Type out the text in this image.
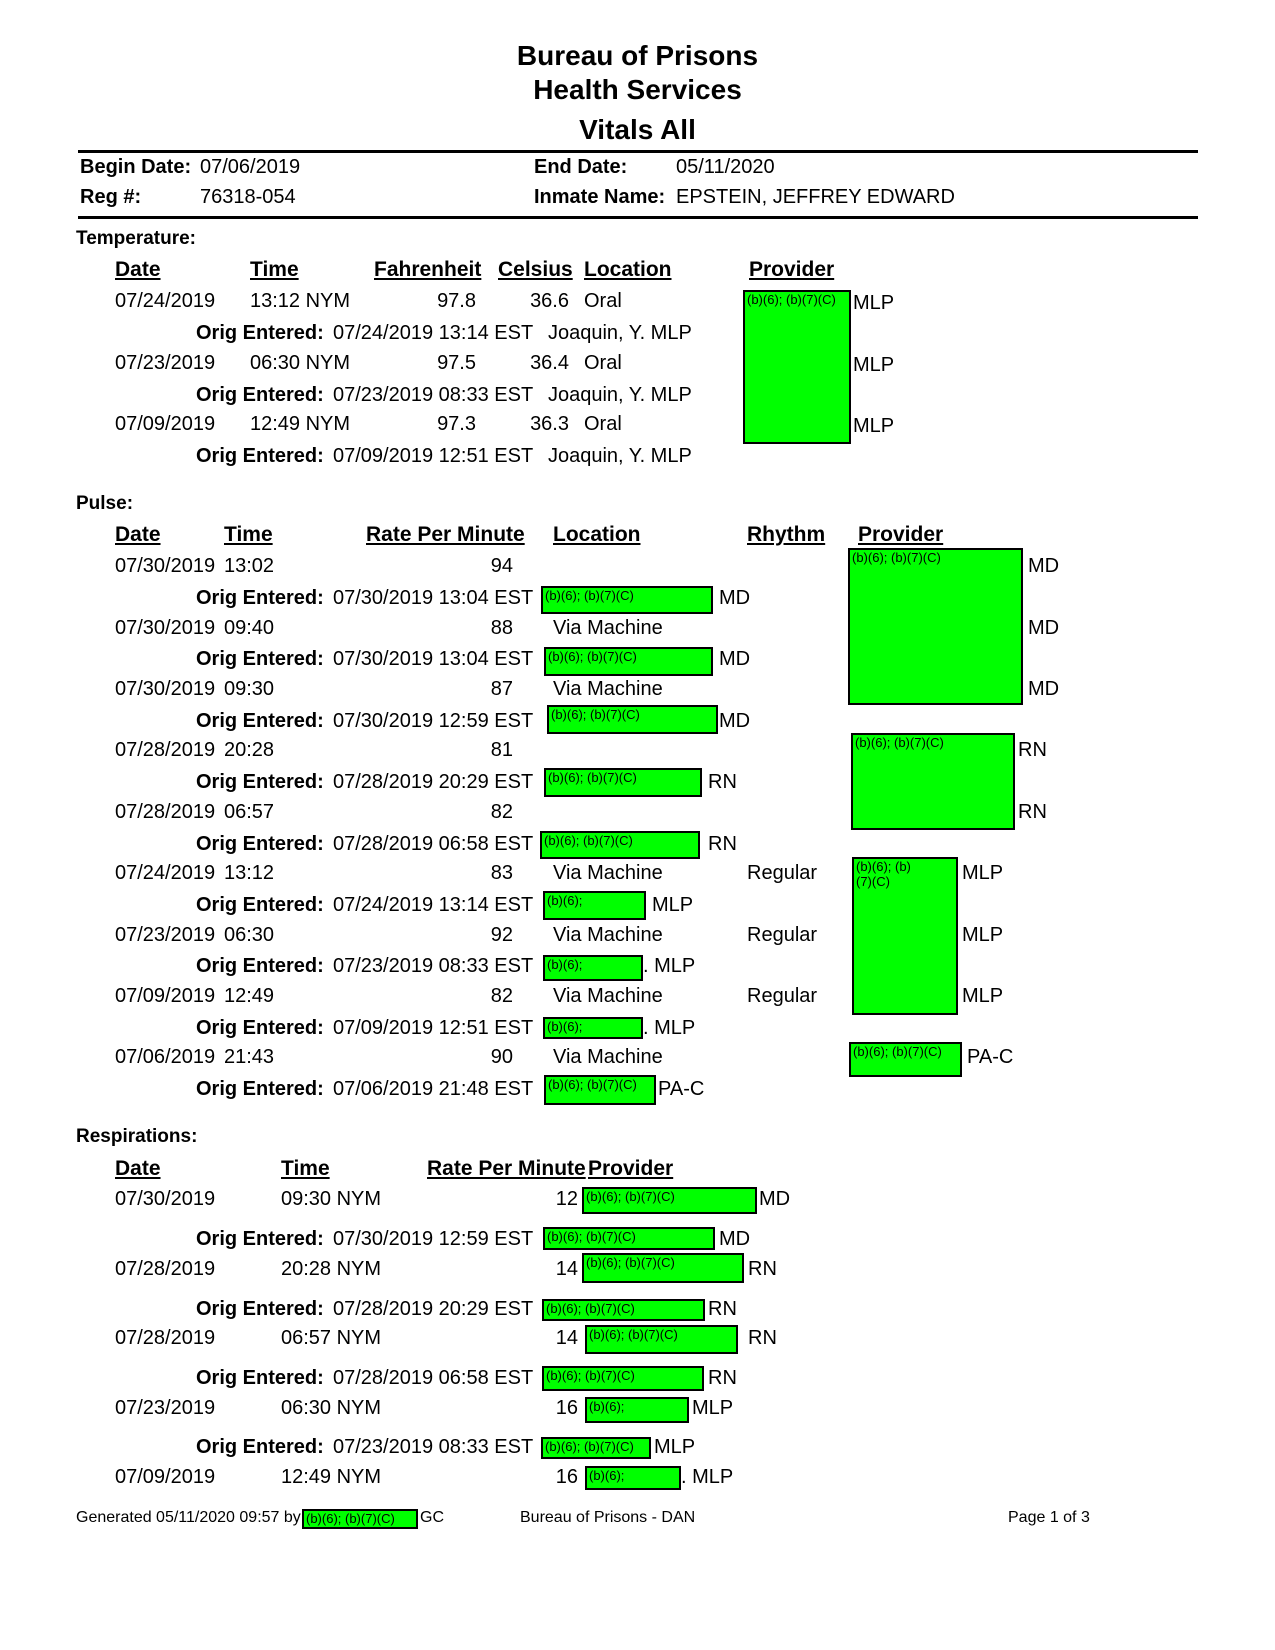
Bureau of Prisons
Health Services
Vitals All
Begin Date: 07/06/2019	End Date: 05/11/2020
Reg #:	76318-054	Inmate Name: EPSTEIN, JEFFREY EDWARD
Temperature:
Date	Time	Fahrenheit Celsius Location	Provider
07/24/2019 13:12 NYM	97.8	36.6 Oral	MLP
Orig Entered: 07/24/2019 13:14 EST Joaquin, Y. MLP
07/23/2019 06:30 NYM	97.5	36.4 Oral	MLP
Orig Entered: 07/23/2019 08:33 EST Joaquin, Y. MLP
07/09/2019 12:49 NYM	97.3	36.3 Oral	MLP
Orig Entered: 07/09/2019 12:51 EST Joaquin, Y. MLP
(b)(6); (b)(7)(C)
Pulse:
Date	Time	Rate Per Minute Location	Rhythm Provider
07/30/2019 13:02	94	MD
Orig Entered: 07/30/2019 13:04 EST (b)(6); (b)(7)(C)	MD
07/30/2019 09:40	88 Via Machine	MD
Orig Entered: 07/30/2019 13:04 EST (b)(6); (b)(7)(C)	MD
07/30/2019 09:30	87 Via Machine	MD
Orig Entered: 07/30/2019 12:59 EST (b)(6); (b)(7)(C)	MD
(b)(6); (b)(7)(C)
07/28/2019 20:28	81	RN
Orig Entered: 07/28/2019 20:29 EST (b)(6); (b)(7)(C)	RN
07/28/2019 06:57	82	RN
Orig Entered: 07/28/2019 06:58 EST (b)(6); (b)(7)(C)	RN
(b)(6); (b)(7)(C)
07/24/2019 13:12	83 Via Machine	Regular	MLP
Orig Entered: 07/24/2019 13:14 EST (b)(6);	MLP
07/23/2019 06:30	92 Via Machine	Regular	MLP
Orig Entered: 07/23/2019 08:33 EST (b)(6);	. MLP
07/09/2019 12:49	82 Via Machine	Regular	MLP
Orig Entered: 07/09/2019 12:51 EST (b)(6);	. MLP
(b)(6); (b)(7)(C)
07/06/2019 21:43	90 Via Machine	(b)(6); (b)(7)(C) PA-C
Orig Entered: 07/06/2019 21:48 EST (b)(6); (b)(7)(C) PA-C
Respirations:
Date	Time	Rate Per Minute Provider
07/30/2019	09:30 NYM	12 (b)(6); (b)(7)(C)	MD
Orig Entered: 07/30/2019 12:59 EST (b)(6); (b)(7)(C)	MD
07/28/2019	20:28 NYM	14 (b)(6); (b)(7)(C)	RN
Orig Entered: 07/28/2019 20:29 EST (b)(6); (b)(7)(C)	RN
07/28/2019	06:57 NYM	14 (b)(6); (b)(7)(C)	RN
Orig Entered: 07/28/2019 06:58 EST (b)(6); (b)(7)(C)	RN
07/23/2019	06:30 NYM	16 (b)(6);	MLP
Orig Entered: 07/23/2019 08:33 EST (b)(6); (b)(7)(C) MLP
07/09/2019	12:49 NYM	16 (b)(6);	. MLP
Generated 05/11/2020 09:57 by (b)(6); (b)(7)(C) GC	Bureau of Prisons - DAN	Page 1 of 3
